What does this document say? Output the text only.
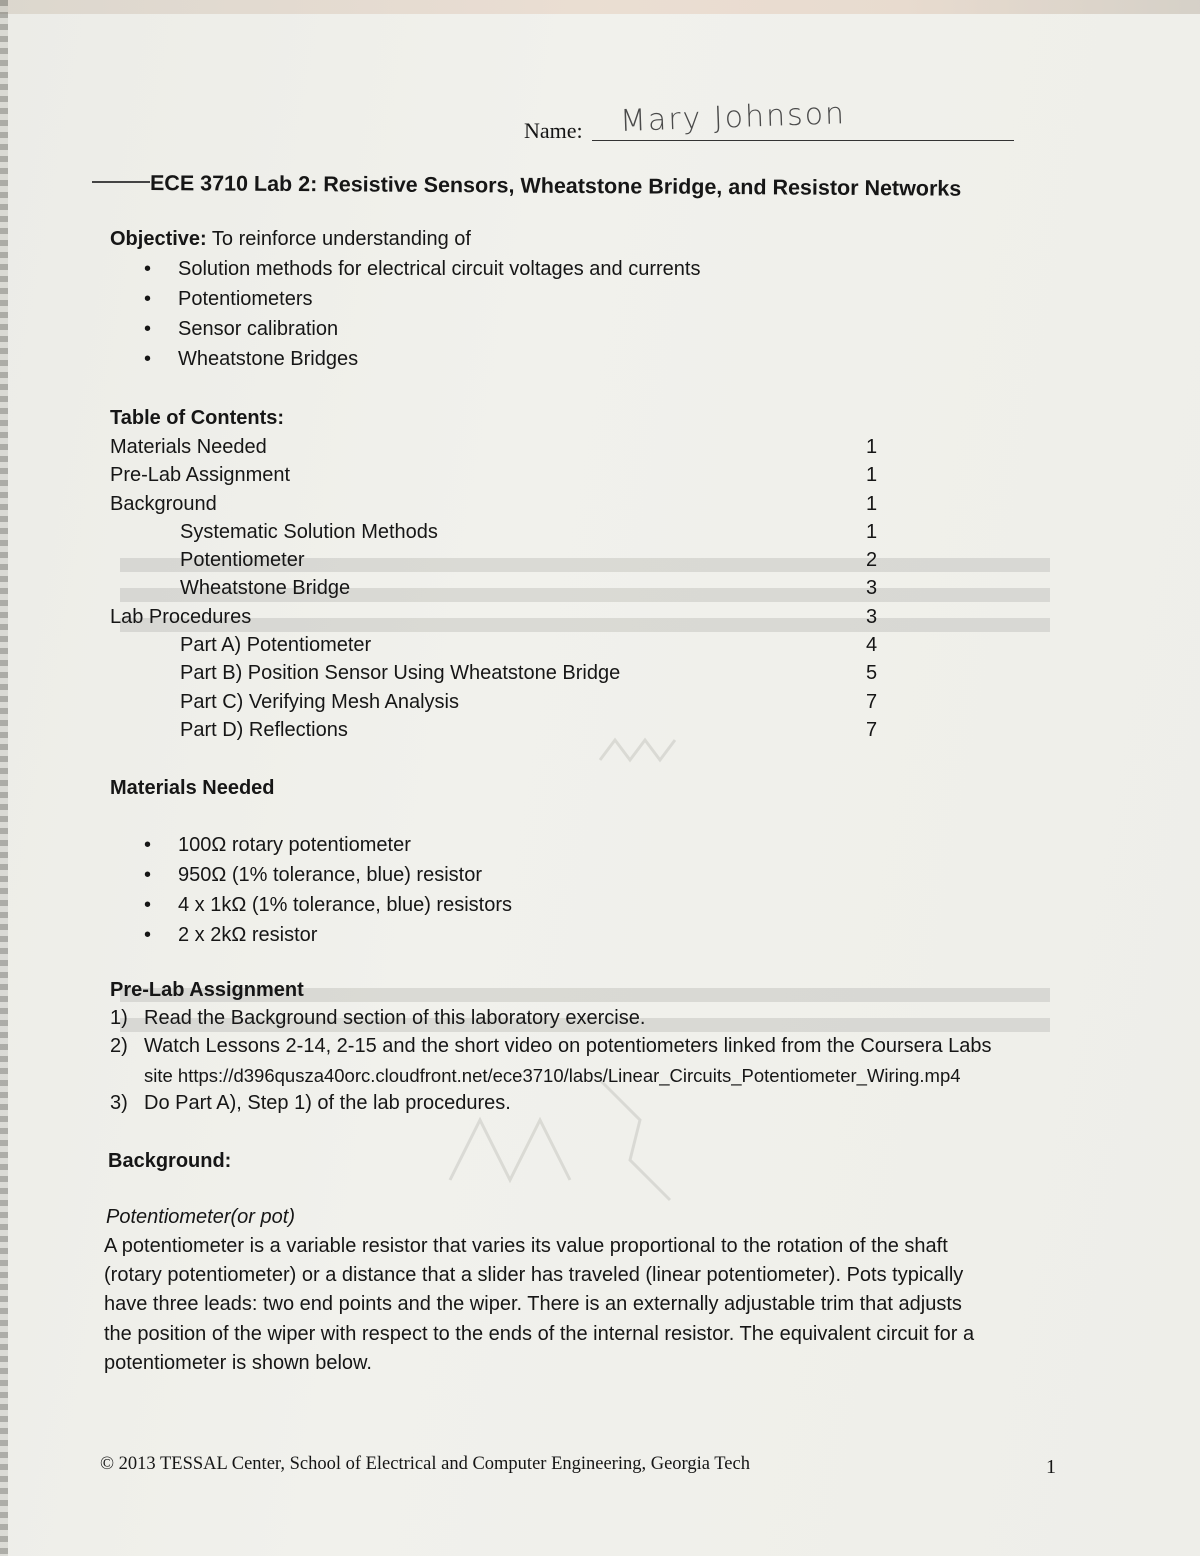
Name: Mary Johnson
ECE 3710 Lab 2: Resistive Sensors, Wheatstone Bridge, and Resistor Networks
Objective: To reinforce understanding of
• Solution methods for electrical circuit voltages and currents
• Potentiometers
• Sensor calibration
• Wheatstone Bridges
Table of Contents:
Materials Needed	1
Pre-Lab Assignment	1
Background	1
Systematic Solution Methods	1
Potentiometer	2
Wheatstone Bridge	3
Lab Procedures	3
Part A) Potentiometer	4
Part B) Position Sensor Using Wheatstone Bridge	5
Part C) Verifying Mesh Analysis	7
Part D) Reflections	7
Materials Needed
• 100Ω rotary potentiometer
• 950Ω (1% tolerance, blue) resistor
• 4 x 1kΩ (1% tolerance, blue) resistors
• 2 x 2kΩ resistor
Pre-Lab Assignment
1) Read the Background section of this laboratory exercise.
2) Watch Lessons 2-14, 2-15 and the short video on potentiometers linked from the Coursera Labs
site https://d396qusza40orc.cloudfront.net/ece3710/labs/Linear_Circuits_Potentiometer_Wiring.mp4
3) Do Part A), Step 1) of the lab procedures.
Background:
Potentiometer(or pot)
A potentiometer is a variable resistor that varies its value proportional to the rotation of the shaft
(rotary potentiometer) or a distance that a slider has traveled (linear potentiometer). Pots typically
have three leads: two end points and the wiper. There is an externally adjustable trim that adjusts
the position of the wiper with respect to the ends of the internal resistor. The equivalent circuit for a
potentiometer is shown below.
© 2013 TESSAL Center, School of Electrical and Computer Engineering, Georgia Tech	1
